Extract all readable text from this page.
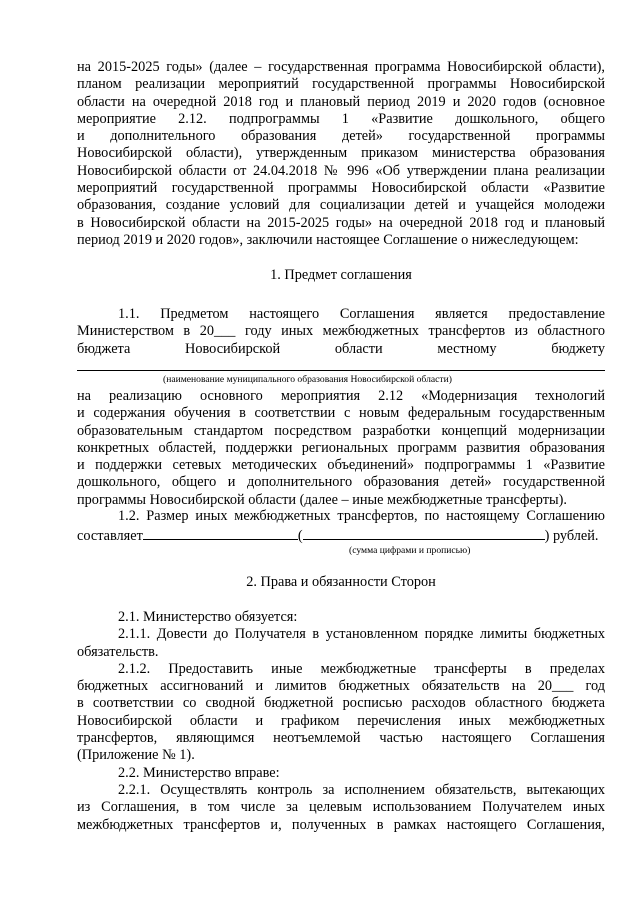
на 2015-2025 годы» (далее – государственная программа Новосибирской области),

планом реализации мероприятий государственной программы Новосибирской

области на очередной 2018 год и плановый период 2019 и 2020 годов (основное

мероприятие 2.12. подпрограммы 1 «Развитие дошкольного, общего

и дополнительного образования детей» государственной программы

Новосибирской области), утвержденным приказом министерства образования

Новосибирской области от 24.04.2018 № 996 «Об утверждении плана реализации

мероприятий государственной программы Новосибирской области «Развитие

образования, создание условий для социализации детей и учащейся молодежи

в Новосибирской области на 2015-2025 годы» на очередной 2018 год и плановый

период 2019 и 2020 годов», заключили настоящее Соглашение о нижеследующем:

1. Предмет соглашения

1.1. Предметом настоящего Соглашения является предоставление

Министерством в 20___ году иных межбюджетных трансфертов из областного

бюджета Новосибирской области местному бюджету

(наименование муниципального образования Новосибирской области)

на реализацию основного мероприятия 2.12 «Модернизация технологий

и содержания обучения в соответствии с новым федеральным государственным

образовательным стандартом посредством разработки концепций модернизации

конкретных областей, поддержки региональных программ развития образования

и поддержки сетевых методических объединений» подпрограммы 1 «Развитие

дошкольного, общего и дополнительного образования детей» государственной

программы Новосибирской области (далее – иные межбюджетные трансферты).

1.2. Размер иных межбюджетных трансфертов, по настоящему Соглашению

составляет	(	) рублей.

(сумма цифрами и прописью)

2. Права и обязанности Сторон

2.1. Министерство обязуется:

2.1.1. Довести до Получателя в установленном порядке лимиты бюджетных

обязательств.

2.1.2. Предоставить иные межбюджетные трансферты в пределах

бюджетных ассигнований и лимитов бюджетных обязательств на 20___ год

в соответствии со сводной бюджетной росписью расходов областного бюджета

Новосибирской области и графиком перечисления иных межбюджетных

трансфертов, являющимся неотъемлемой частью настоящего Соглашения

(Приложение № 1).

2.2. Министерство вправе:

2.2.1. Осуществлять контроль за исполнением обязательств, вытекающих

из Соглашения, в том числе за целевым использованием Получателем иных

межбюджетных трансфертов и, полученных в рамках настоящего Соглашения,
